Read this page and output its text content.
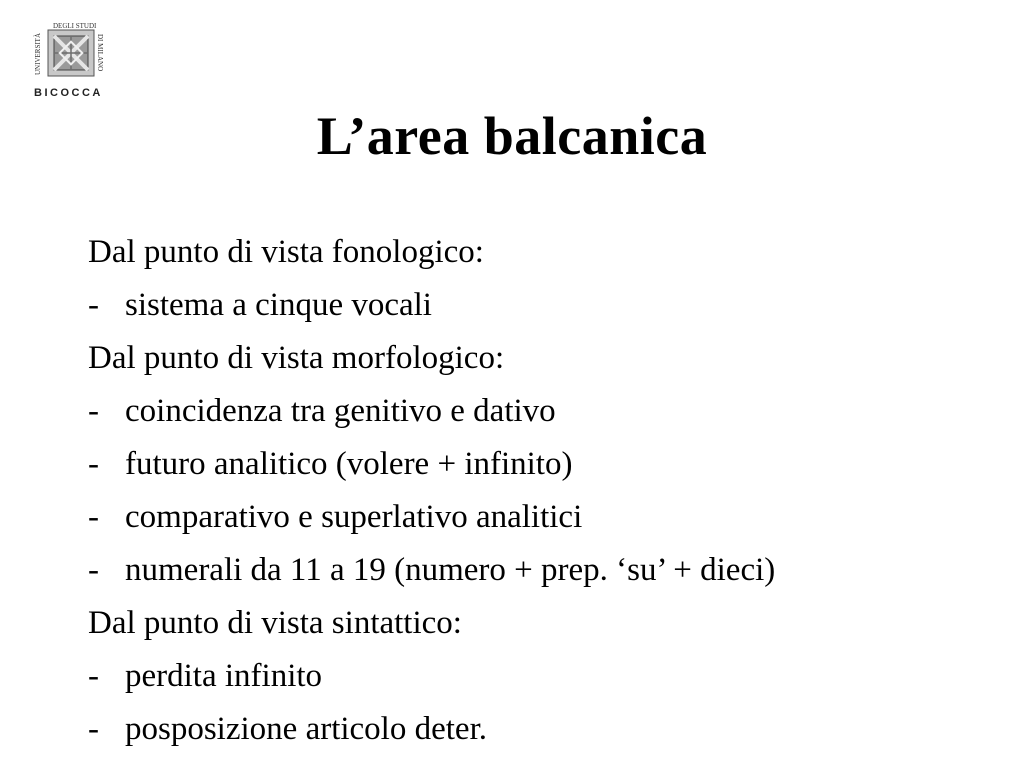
UNIVERSITÀ
DEGLI STUDI
DI MILANO
BICOCCA
L’area balcanica
Dal punto di vista fonologico:
- sistema a cinque vocali
Dal punto di vista morfologico:
- coincidenza tra genitivo e dativo
- futuro analitico (volere + infinito)
- comparativo e superlativo analitici
- numerali da 11 a 19 (numero + prep. ‘su’ + dieci)
Dal punto di vista sintattico:
- perdita infinito
- posposizione articolo deter.
